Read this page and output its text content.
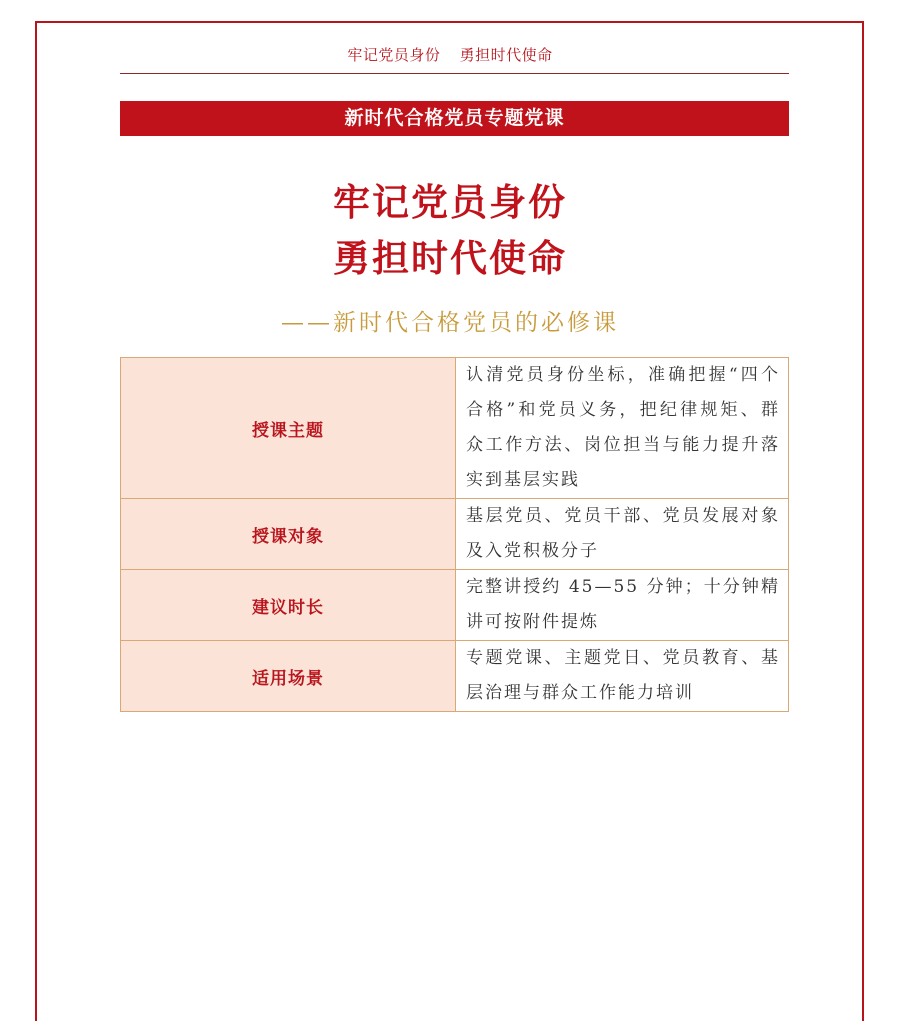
牢记党员身份 勇担时代使命
新时代合格党员专题党课
牢记党员身份
勇担时代使命
——新时代合格党员的必修课
授课主题	认清党员身份坐标，准确把握“四个合格”和党员义务，把纪律规矩、群众工作方法、岗位担当与能力提升落实到基层实践
授课对象	基层党员、党员干部、党员发展对象及入党积极分子
建议时长	完整讲授约 45—55 分钟；十分钟精讲可按附件提炼
适用场景	专题党课、主题党日、党员教育、基层治理与群众工作能力培训
